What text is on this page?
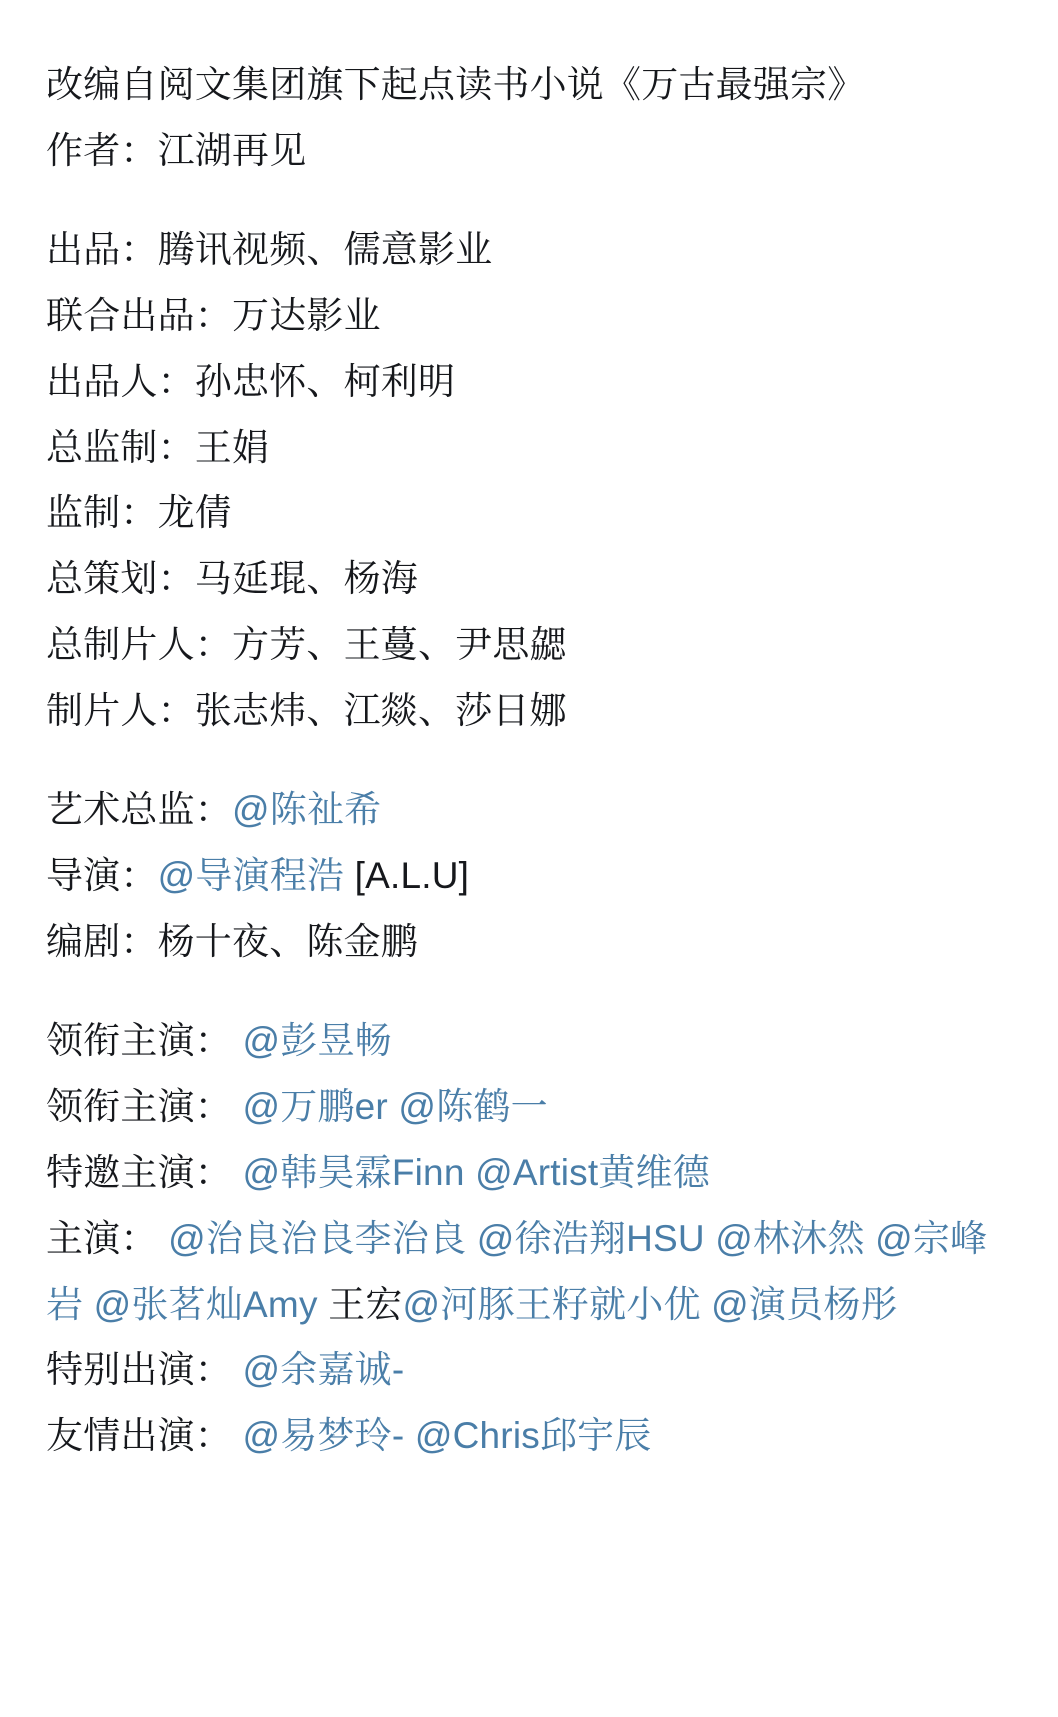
改编自阅文集团旗下起点读书小说《万古最强宗》
作者：江湖再见
出品：腾讯视频、儒意影业
联合出品：万达影业
出品人：孙忠怀、柯利明
总监制：王娟
监制：龙倩
总策划：马延琨、杨海
总制片人：方芳、王蔓、尹思勰
制片人：张志炜、江燚、莎日娜
艺术总监：@陈祉希
导演：@导演程浩 [A.L.U]
编剧：杨十夜、陈金鹏
领衔主演： @彭昱畅
领衔主演： @万鹏er @陈鹤一
特邀主演： @韩昊霖Finn @Artist黄维德
主演： @治良治良李治良 @徐浩翔HSU @林沐然 @宗峰岩 @张茗灿Amy 王宏@河豚王籽就小优 @演员杨彤
特别出演： @余嘉诚-
友情出演： @易梦玲- @Chris邱宇辰
